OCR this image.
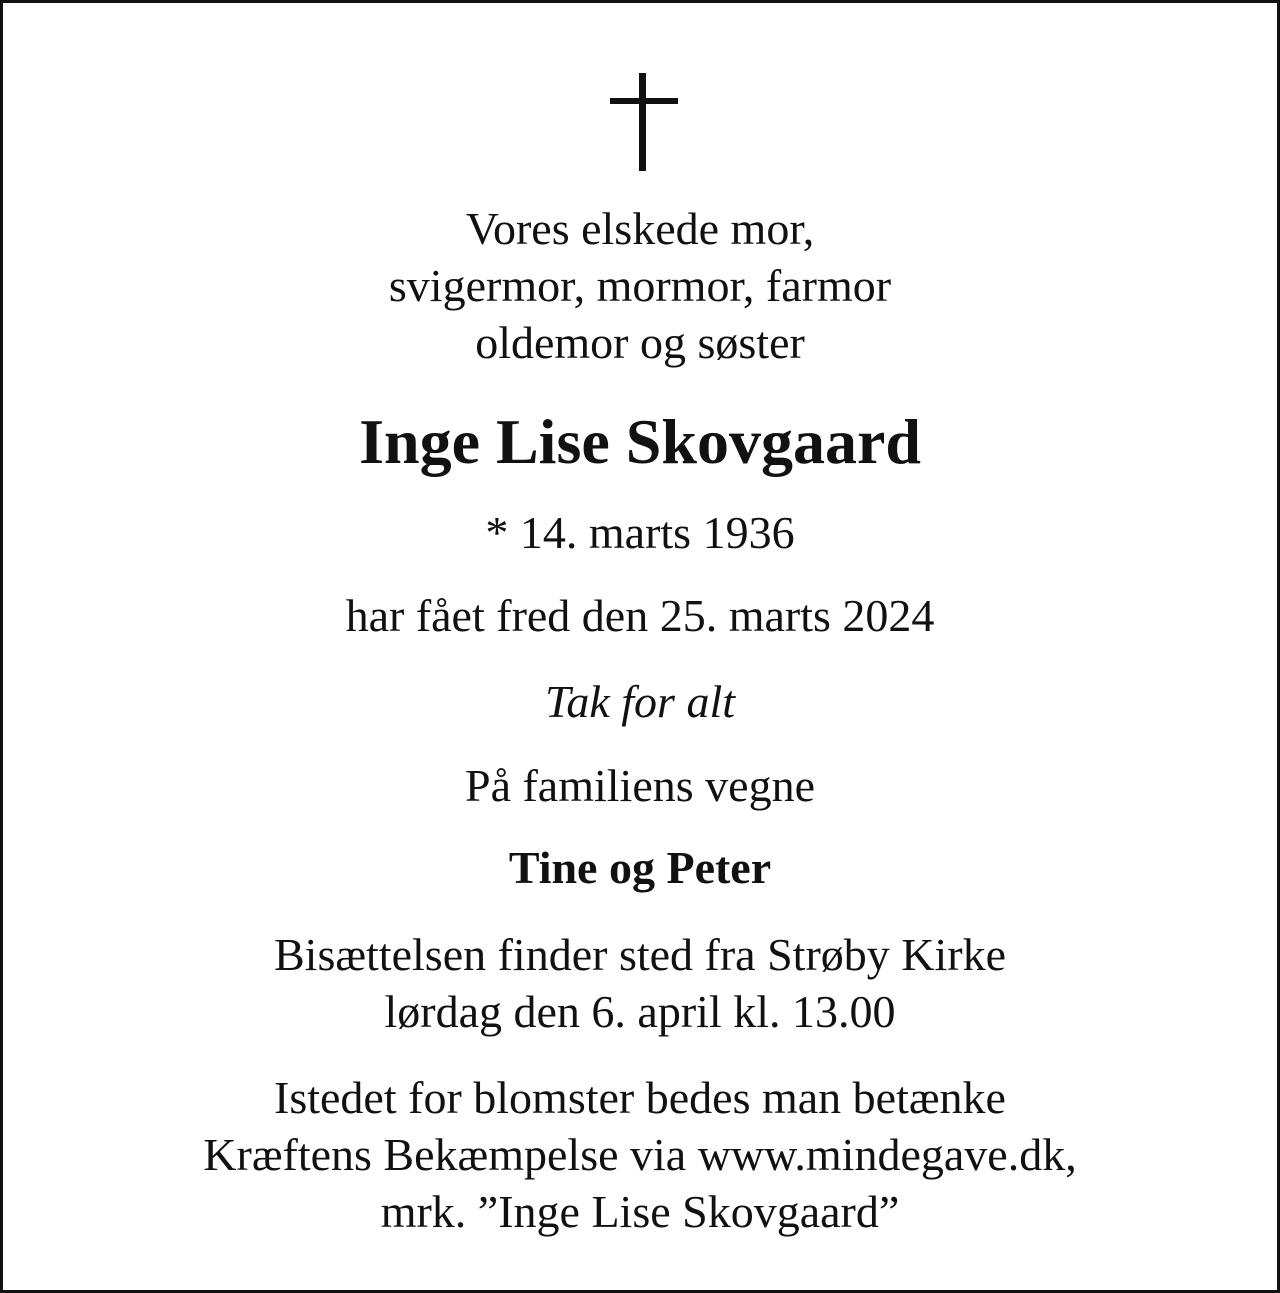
Vores elskede mor,

svigermor, mormor, farmor

oldemor og søster

Inge Lise Skovgaard

* 14. marts 1936

har fået fred den 25. marts 2024

Tak for alt

På familiens vegne

Tine og Peter

Bisættelsen finder sted fra Strøby Kirke

lørdag den 6. april kl. 13.00

Istedet for blomster bedes man betænke

Kræftens Bekæmpelse via www.mindegave.dk,

mrk. ”Inge Lise Skovgaard”
